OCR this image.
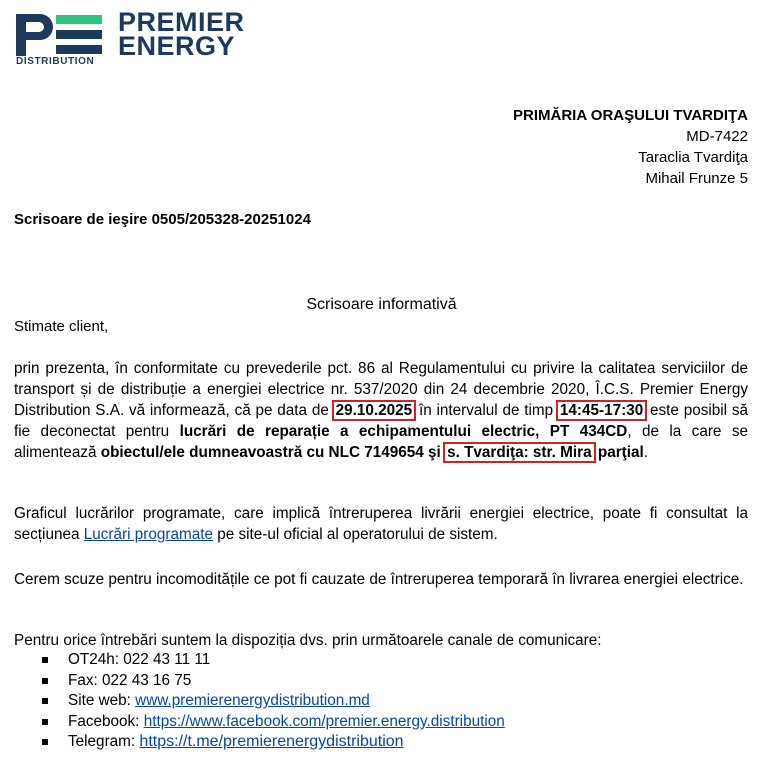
PREMIER
ENERGY
DISTRIBUTION
PRIMĂRIA ORAŞULUI TVARDIŢA
MD-7422
Taraclia Tvardiţa
Mihail Frunze 5
Scrisoare de ieşire 0505/205328-20251024
Scrisoare informativă
Stimate client,
prin prezenta, în conformitate cu prevederile pct. 86 al Regulamentului cu privire la calitatea serviciilor de transport și de distribuție a energiei electrice nr. 537/2020 din 24 decembrie 2020, Î.C.S. Premier Energy Distribution S.A. vă informează, că pe data de 29.10.2025 în intervalul de timp 14:45-17:30 este posibil să fie deconectat pentru lucrări de reparație a echipamentului electric, PT 434CD, de la care se alimentează obiectul/ele dumneavoastră cu NLC 7149654 şi s. Tvardiţa: str. Mira parţial.
Graficul lucrărilor programate, care implică întreruperea livrării energiei electrice, poate fi consultat la secțiunea Lucrări programate pe site-ul oficial al operatorului de sistem.
Cerem scuze pentru incomoditățile ce pot fi cauzate de întreruperea temporară în livrarea energiei electrice.
Pentru orice întrebări suntem la dispoziția dvs. prin următoarele canale de comunicare:
OT24h: 022 43 11 11
Fax: 022 43 16 75
Site web: www.premierenergydistribution.md
Facebook: https://www.facebook.com/premier.energy.distribution
Telegram: https://t.me/premierenergydistribution
